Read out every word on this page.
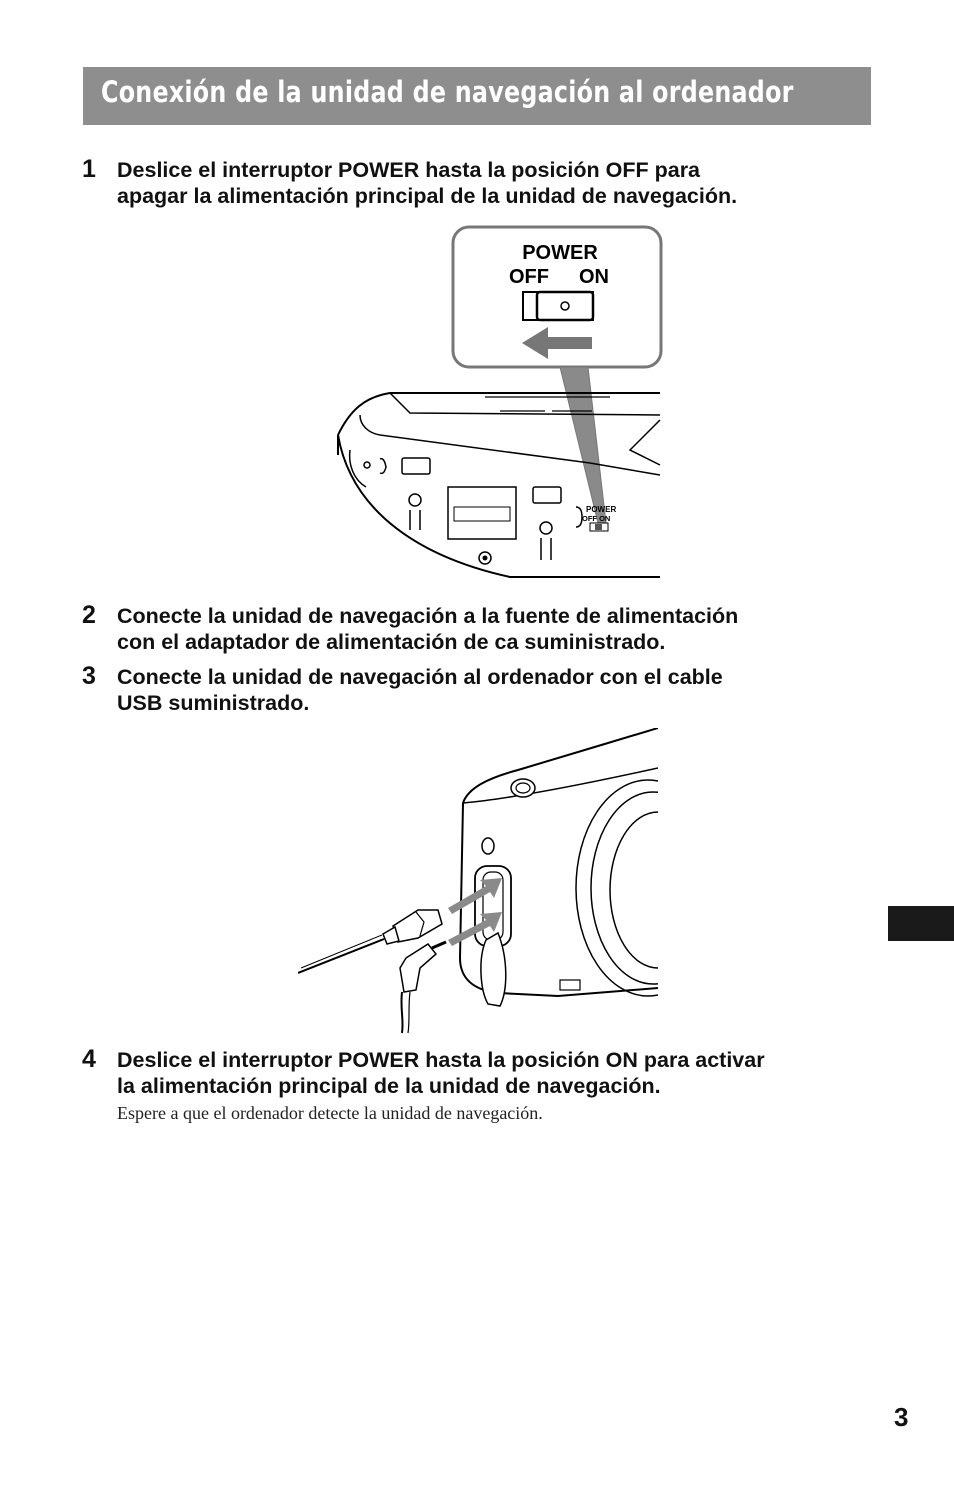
Conexión de la unidad de navegación al ordenador
1 Deslice el interruptor POWER hasta la posición OFF para
apagar la alimentación principal de la unidad de navegación.
POWER
OFF ON
POWER
OFF ON
2 Conecte la unidad de navegación a la fuente de alimentación
con el adaptador de alimentación de ca suministrado.
3 Conecte la unidad de navegación al ordenador con el cable
USB suministrado.
4 Deslice el interruptor POWER hasta la posición ON para activar
la alimentación principal de la unidad de navegación.
Espere a que el ordenador detecte la unidad de navegación.
3
